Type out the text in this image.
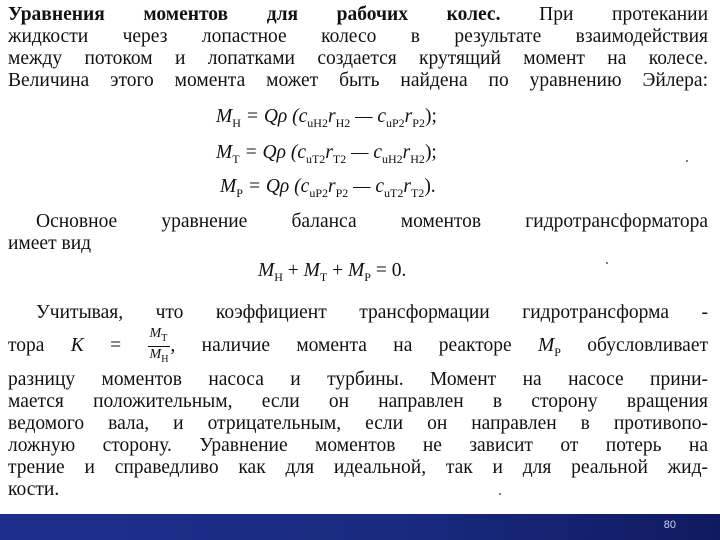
Уравнения моментов для рабочих колес. При протекании
жидкости через лопастное колесо в результате взаимодействия
между потоком и лопатками создается крутящий момент на колесе.
Величина этого момента может быть найдена по уравнению Эйлера:
$M_Н = Q\rho$ ($c_{uН2}r_{Н2}$ — $c_{uР2}r_{Р2}$);
$M_Т = Q\rho$ ($c_{uТ2}r_{Т2}$ — $c_{uН2}r_{Н2}$);
$M_Р = Q\rho$ ($c_{uР2}r_{Р2}$ — $c_{uТ2}r_{Т2}$).
Основное уравнение баланса моментов гидротрансформатора
имеет вид
$M_Н + M_Т + M_Р = 0$.
Учитывая, что коэффициент трансформации гидротрансформа -
тора $K = \frac{M_Т}{M_Н}$ , наличие момента на реакторе $M_Р$ обусловливает
разницу моментов насоса и турбины. Момент на насосе прини-
мается положительным, если он направлен в сторону вращения
ведомого вала, и отрицательным, если он направлен в противопо-
ложную сторону. Уравнение моментов не зависит от потерь на
трение и справедливо как для идеальной, так и для реальной жид-
кости.
80
